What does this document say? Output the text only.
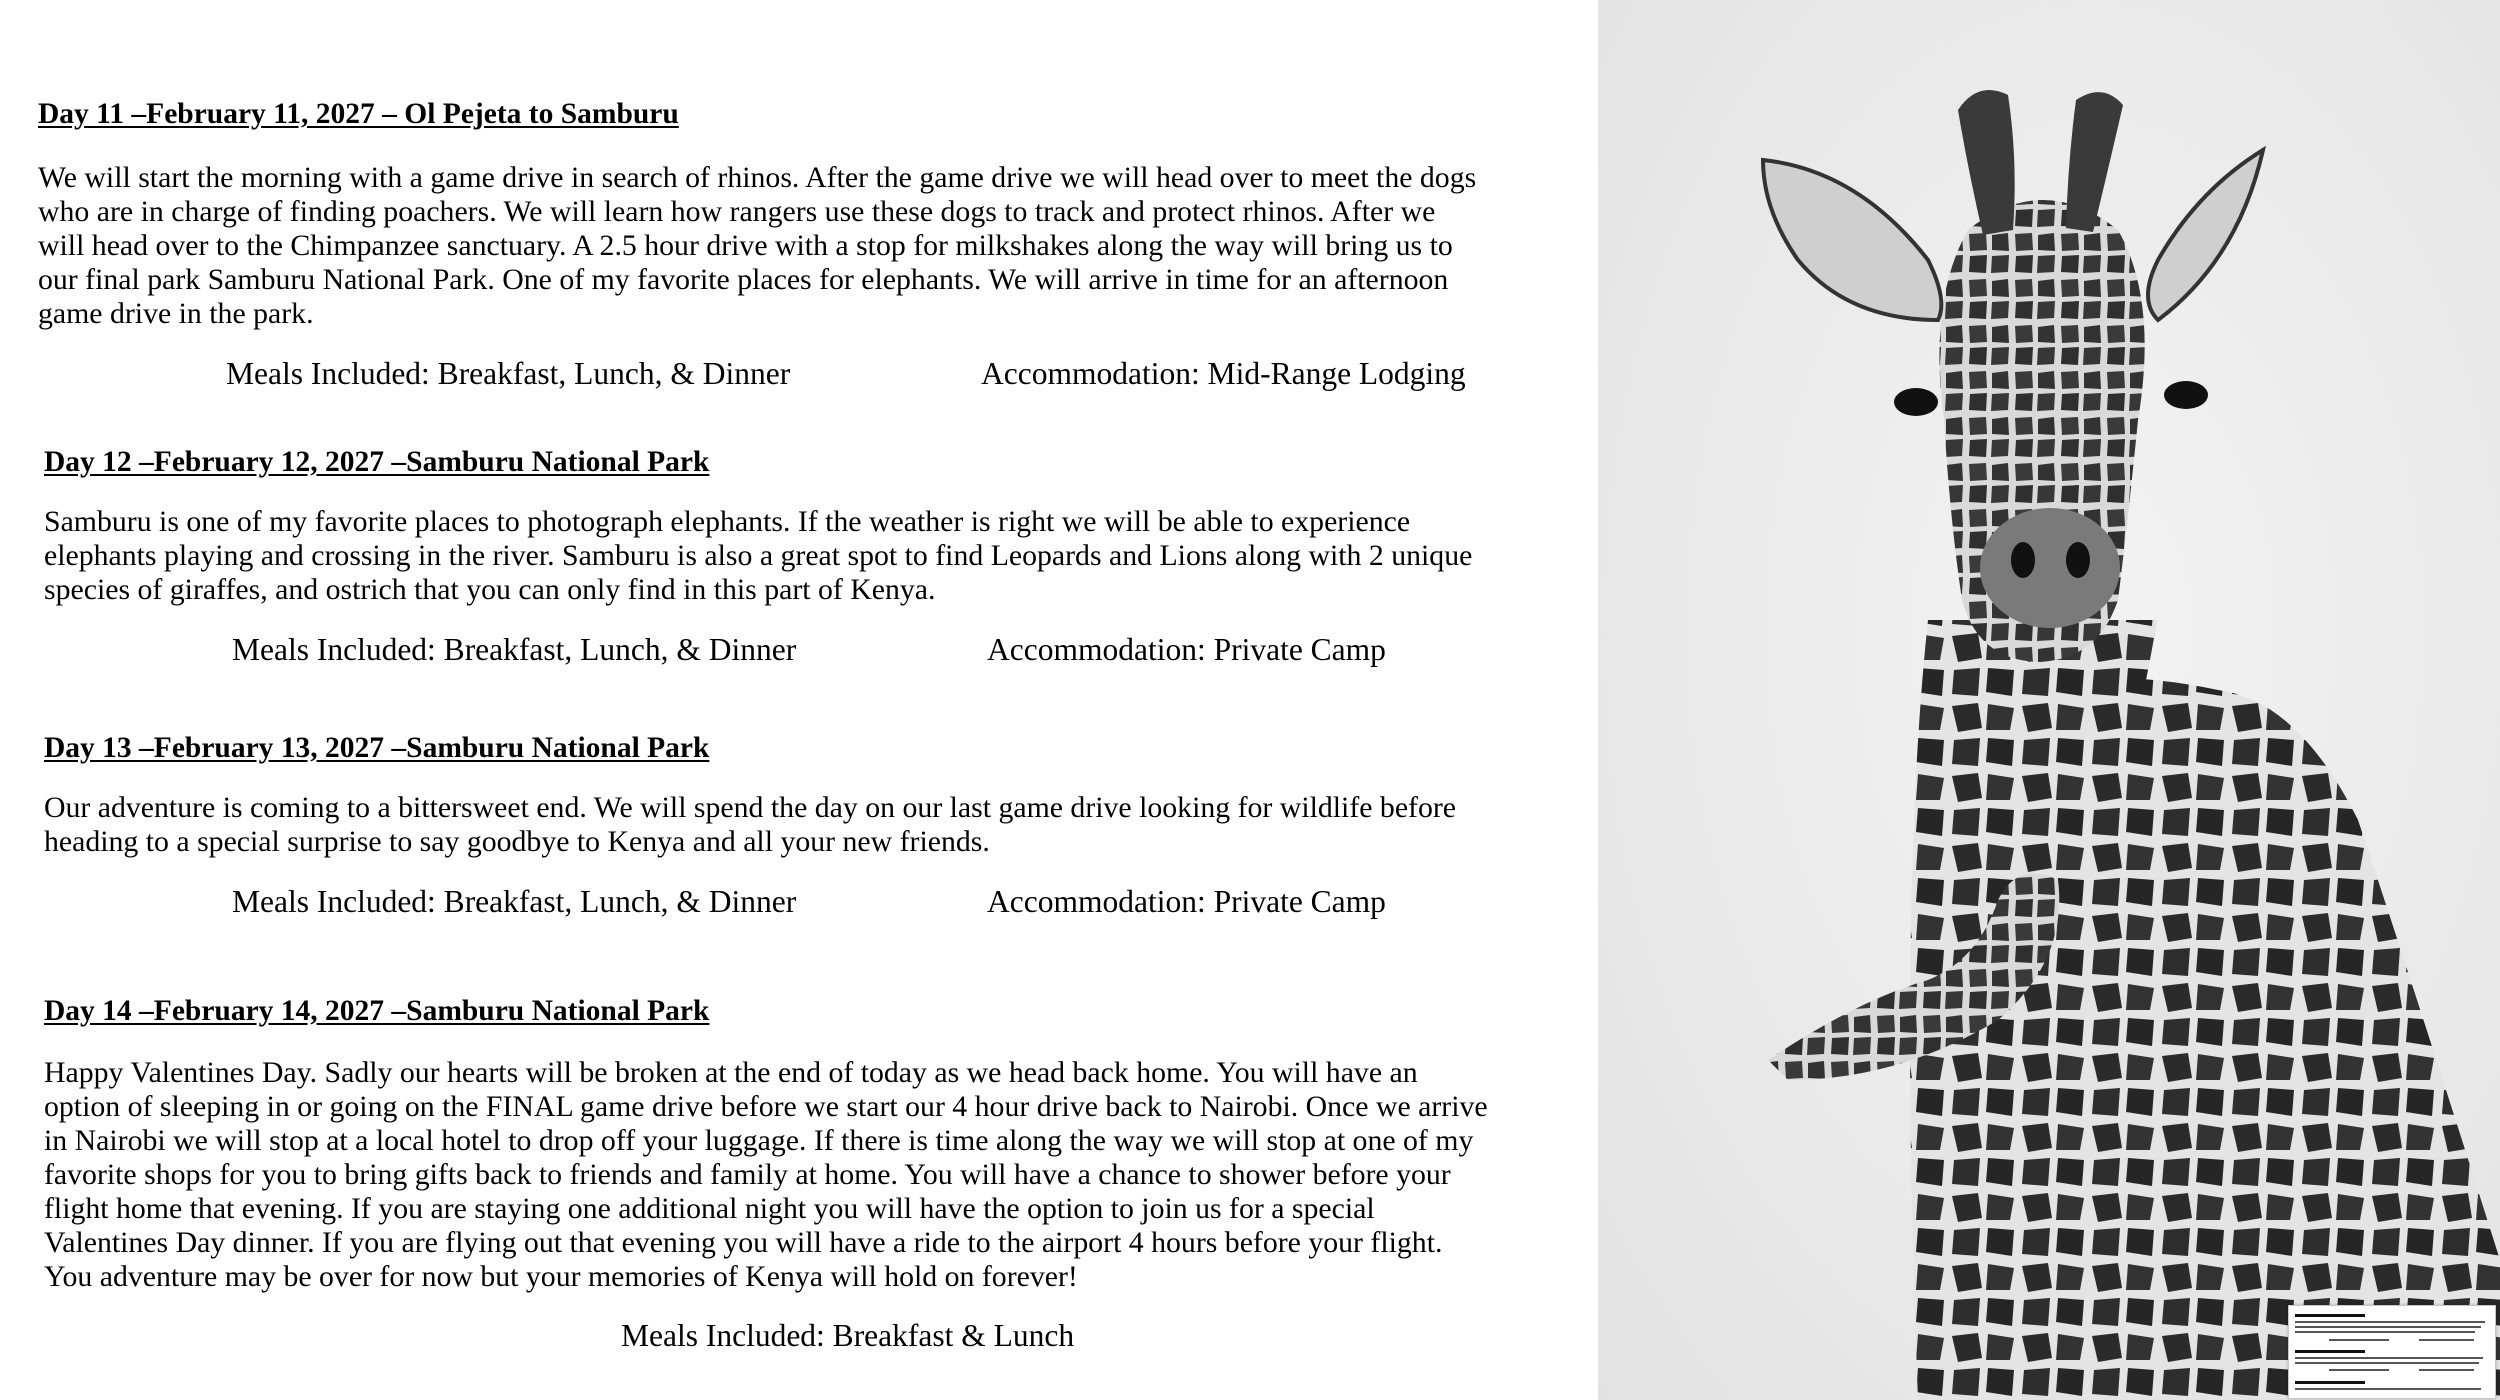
Day 11 –February 11, 2027 – Ol Pejeta to Samburu

We will start the morning with a game drive in search of rhinos. After the game drive we will head over to meet the dogs
who are in charge of finding poachers. We will learn how rangers use these dogs to track and protect rhinos. After we
will head over to the Chimpanzee sanctuary. A 2.5 hour drive with a stop for milkshakes along the way will bring us to
our final park Samburu National Park. One of my favorite places for elephants. We will arrive in time for an afternoon
game drive in the park.

Meals Included: Breakfast, Lunch, & Dinner	Accommodation: Mid-Range Lodging

Day 12 –February 12, 2027 –Samburu National Park

Samburu is one of my favorite places to photograph elephants. If the weather is right we will be able to experience
elephants playing and crossing in the river. Samburu is also a great spot to find Leopards and Lions along with 2 unique
species of giraffes, and ostrich that you can only find in this part of Kenya.

Meals Included: Breakfast, Lunch, & Dinner	Accommodation: Private Camp

Day 13 –February 13, 2027 –Samburu National Park

Our adventure is coming to a bittersweet end. We will spend the day on our last game drive looking for wildlife before
heading to a special surprise to say goodbye to Kenya and all your new friends.

Meals Included: Breakfast, Lunch, & Dinner	Accommodation: Private Camp

Day 14 –February 14, 2027 –Samburu National Park

Happy Valentines Day. Sadly our hearts will be broken at the end of today as we head back home. You will have an
option of sleeping in or going on the FINAL game drive before we start our 4 hour drive back to Nairobi. Once we arrive
in Nairobi we will stop at a local hotel to drop off your luggage. If there is time along the way we will stop at one of my
favorite shops for you to bring gifts back to friends and family at home. You will have a chance to shower before your
flight home that evening. If you are staying one additional night you will have the option to join us for a special
Valentines Day dinner. If you are flying out that evening you will have a ride to the airport 4 hours before your flight.
You adventure may be over for now but your memories of Kenya will hold on forever!

Meals Included: Breakfast & Lunch
